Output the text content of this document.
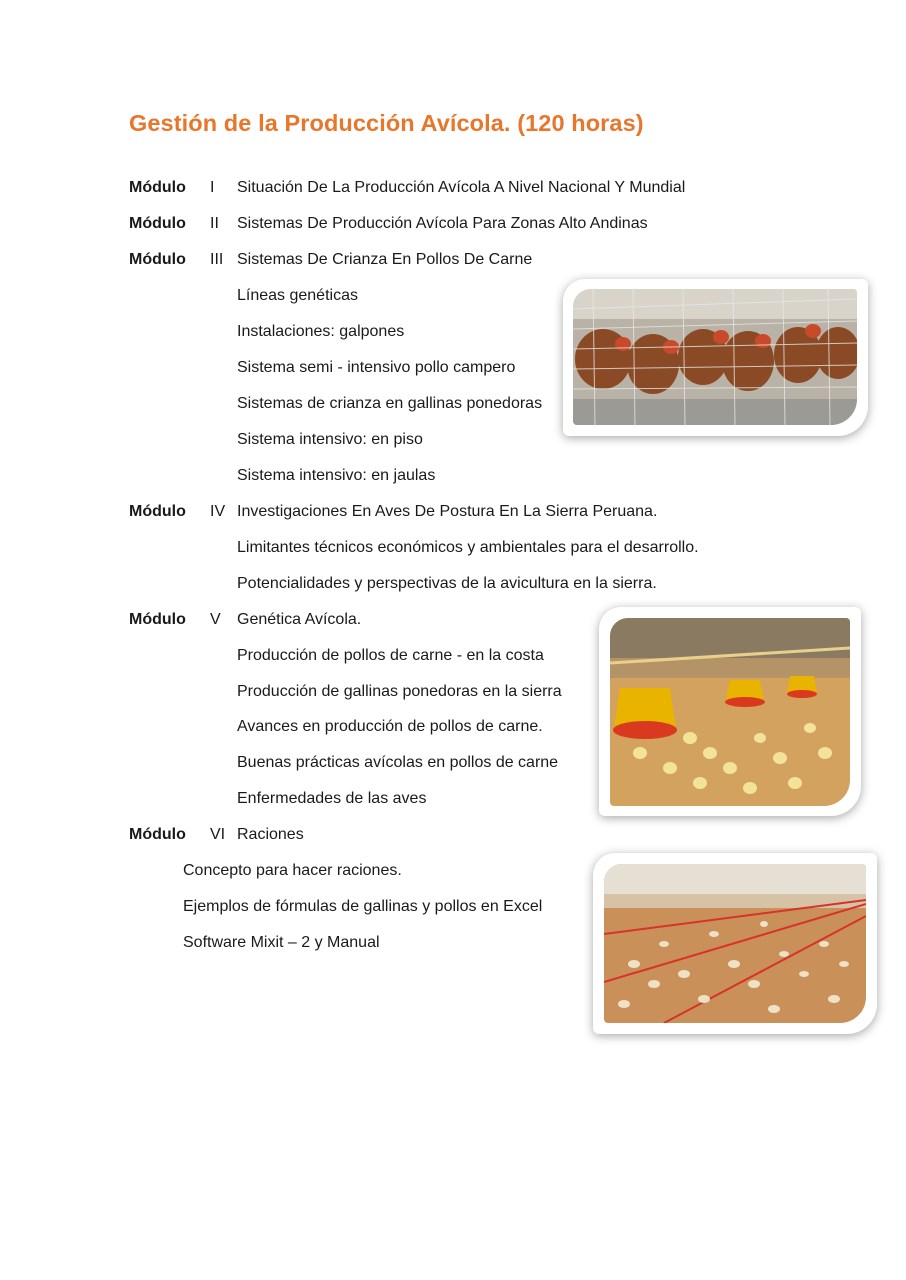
Gestión de la Producción Avícola. (120 horas)
Módulo I Situación De La Producción Avícola A Nivel Nacional Y Mundial
Módulo II Sistemas De Producción Avícola Para Zonas Alto Andinas
Módulo III Sistemas De Crianza En Pollos De Carne
Líneas genéticas
Instalaciones: galpones
Sistema semi - intensivo pollo campero
Sistemas de crianza en gallinas ponedoras
Sistema intensivo: en piso
Sistema intensivo: en jaulas
Módulo IV Investigaciones En Aves De Postura En La Sierra Peruana.
Limitantes técnicos económicos y ambientales para el desarrollo.
Potencialidades y perspectivas de la avicultura en la sierra.
Módulo V Genética Avícola.
Producción de pollos de carne - en la costa
Producción de gallinas ponedoras en la sierra
Avances en producción de pollos de carne.
Buenas prácticas avícolas en pollos de carne
Enfermedades de las aves
Módulo VI Raciones
Concepto para hacer raciones.
Ejemplos de fórmulas de gallinas y pollos en Excel
Software Mixit – 2 y Manual
